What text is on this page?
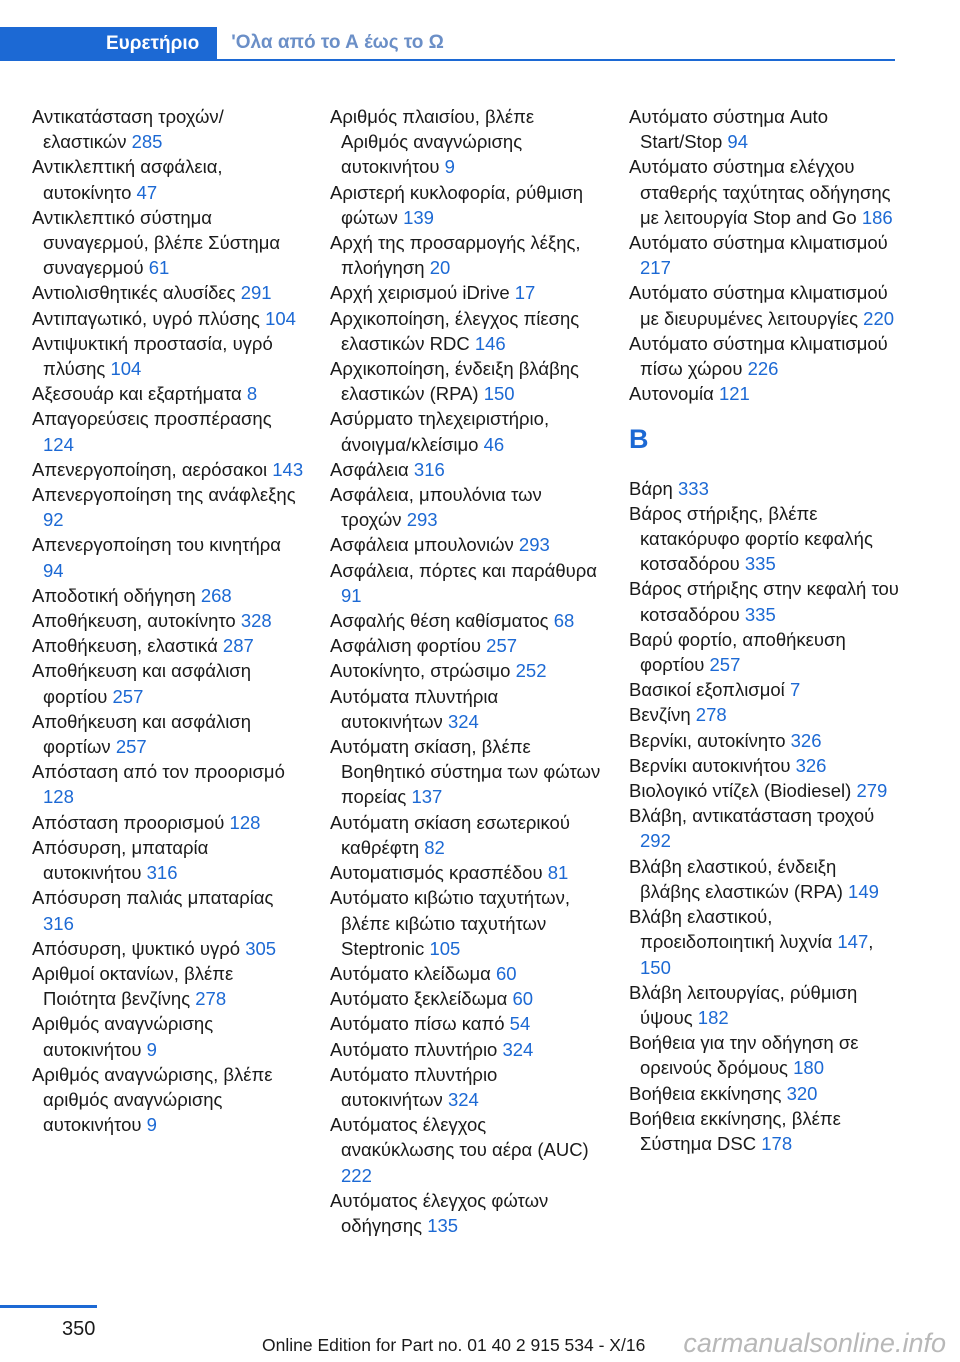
Ευρετήριο	'Ολα από το Α έως το Ω
Αντικατάσταση τροχών/ελαστικών 285
Αντικλεπτική ασφάλεια, αυτοκίνητο 47
Αντικλεπτικό σύστημα συναγερμού, βλέπε Σύστημα συναγερμού 61
Αντιολισθητικές αλυσίδες 291
Αντιπαγωτικό, υγρό πλύσης 104
Αντιψυκτική προστασία, υγρό πλύσης 104
Αξεσουάρ και εξαρτήματα 8
Απαγορεύσεις προσπέρασης 124
Απενεργοποίηση, αερόσακοι 143
Απενεργοποίηση της ανάφλεξης 92
Απενεργοποίηση του κινητήρα 94
Αποδοτική οδήγηση 268
Αποθήκευση, αυτοκίνητο 328
Αποθήκευση, ελαστικά 287
Αποθήκευση και ασφάλιση φορτίου 257
Αποθήκευση και ασφάλιση φορτίων 257
Απόσταση από τον προορισμό 128
Απόσταση προορισμού 128
Απόσυρση, μπαταρία αυτοκινήτου 316
Απόσυρση παλιάς μπαταρίας 316
Απόσυρση, ψυκτικό υγρό 305
Αριθμοί οκτανίων, βλέπε Ποιότητα βενζίνης 278
Αριθμός αναγνώρισης αυτοκινήτου 9
Αριθμός αναγνώρισης, βλέπε αριθμός αναγνώρισης αυτοκινήτου 9
Αριθμός πλαισίου, βλέπε Αριθμός αναγνώρισης αυτοκινήτου 9
Αριστερή κυκλοφορία, ρύθμιση φώτων 139
Αρχή της προσαρμογής λέξης, πλοήγηση 20
Αρχή χειρισμού iDrive 17
Αρχικοποίηση, έλεγχος πίεσης ελαστικών RDC 146
Αρχικοποίηση, ένδειξη βλάβης ελαστικών (RPA) 150
Ασύρματο τηλεχειριστήριο, άνοιγμα/κλείσιμο 46
Ασφάλεια 316
Ασφάλεια, μπουλόνια των τροχών 293
Ασφάλεια μπουλονιών 293
Ασφάλεια, πόρτες και παράθυρα 91
Ασφαλής θέση καθίσματος 68
Ασφάλιση φορτίου 257
Αυτοκίνητο, στρώσιμο 252
Αυτόματα πλυντήρια αυτοκινήτων 324
Αυτόματη σκίαση, βλέπε Βοηθητικό σύστημα των φώτων πορείας 137
Αυτόματη σκίαση εσωτερικού καθρέφτη 82
Αυτοματισμός κρασπέδου 81
Αυτόματο κιβώτιο ταχυτήτων, βλέπε κιβώτιο ταχυτήτων Steptronic 105
Αυτόματο κλείδωμα 60
Αυτόματο ξεκλείδωμα 60
Αυτόματο πίσω καπό 54
Αυτόματο πλυντήριο 324
Αυτόματο πλυντήριο αυτοκινήτων 324
Αυτόματος έλεγχος ανακύκλωσης του αέρα (AUC) 222
Αυτόματος έλεγχος φώτων οδήγησης 135
Αυτόματο σύστημα Auto Start/Stop 94
Αυτόματο σύστημα ελέγχου σταθερής ταχύτητας οδήγησης με λειτουργία Stop and Go 186
Αυτόματο σύστημα κλιματισμού 217
Αυτόματο σύστημα κλιματισμού με διευρυμένες λειτουργίες 220
Αυτόματο σύστημα κλιματισμού πίσω χώρου 226
Αυτονομία 121
Β
Βάρη 333
Βάρος στήριξης, βλέπε κατακόρυφο φορτίο κεφαλής κοτσαδόρου 335
Βάρος στήριξης στην κεφαλή του κοτσαδόρου 335
Βαρύ φορτίο, αποθήκευση φορτίου 257
Βασικοί εξοπλισμοί 7
Βενζίνη 278
Βερνίκι, αυτοκίνητο 326
Βερνίκι αυτοκινήτου 326
Βιολογικό ντίζελ (Biodiesel) 279
Βλάβη, αντικατάσταση τροχού 292
Βλάβη ελαστικού, ένδειξη βλάβης ελαστικών (RPA) 149
Βλάβη ελαστικού, προειδοποιητική λυχνία 147, 150
Βλάβη λειτουργίας, ρύθμιση ύψους 182
Βοήθεια για την οδήγηση σε ορεινούς δρόμους 180
Βοήθεια εκκίνησης 320
Βοήθεια εκκίνησης, βλέπε Σύστημα DSC 178
350
Online Edition for Part no. 01 40 2 915 534 - X/16 carmanualsonline.info
